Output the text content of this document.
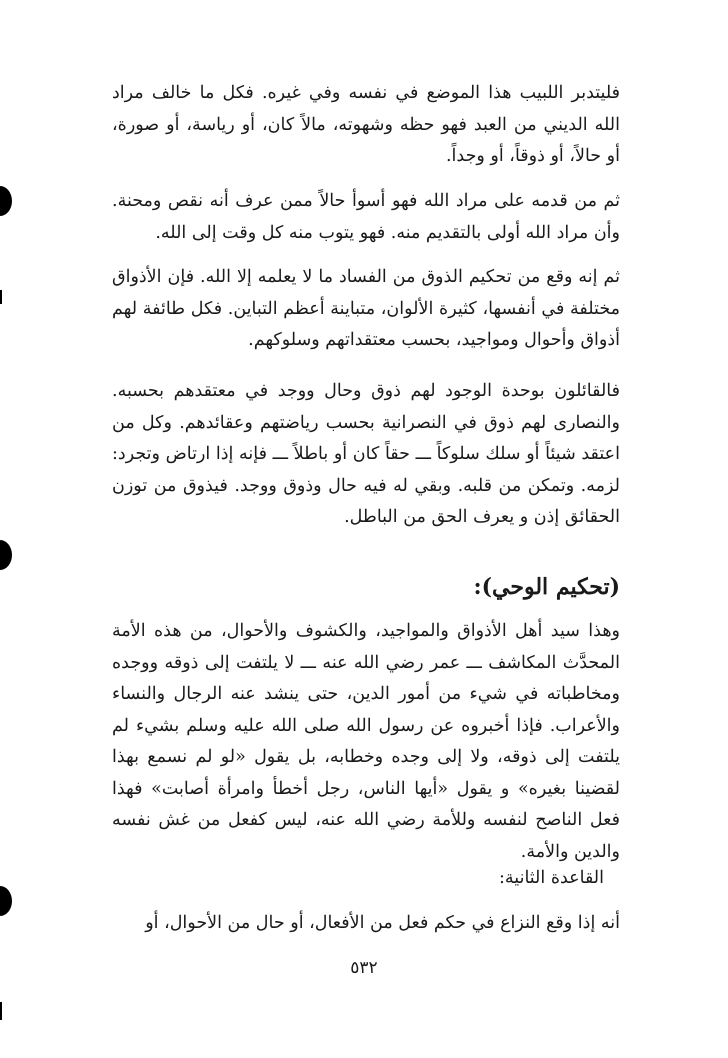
فليتدبر اللبيب هذا الموضع في نفسه وفي غيره. فكل ما خالف مراد الله الديني من العبد فهو حظه وشهوته، مالاً كان، أو رياسة، أو صورة، أو حالاً، أو ذوقاً، أو وجداً.

ثم من قدمه على مراد الله فهو أسوأ حالاً ممن عرف أنه نقص ومحنة. وأن مراد الله أولى بالتقديم منه. فهو يتوب منه كل وقت إلى الله.

ثم إنه وقع من تحكيم الذوق من الفساد ما لا يعلمه إلا الله. فإن الأذواق مختلفة في أنفسها، كثيرة الألوان، متباينة أعظم التباين. فكل طائفة لهم أذواق وأحوال ومواجيد، بحسب معتقداتهم وسلوكهم.

فالقائلون بوحدة الوجود لهم ذوق وحال ووجد في معتقدهم بحسبه. والنصارى لهم ذوق في النصرانية بحسب رياضتهم وعقائدهم. وكل من اعتقد شيئاً أو سلك سلوكاً ـــ حقاً كان أو باطلاً ـــ فإنه إذا ارتاض وتجرد: لزمه. وتمكن من قلبه. وبقي له فيه حال وذوق ووجد. فيذوق من توزن الحقائق إذن و يعرف الحق من الباطل.

(تحكيم الوحي):

وهذا سيد أهل الأذواق والمواجيد، والكشوف والأحوال، من هذه الأمة المحدَّث المكاشف ـــ عمر رضي الله عنه ـــ لا يلتفت إلى ذوقه ووجده ومخاطباته في شيء من أمور الدين، حتى ينشد عنه الرجال والنساء والأعراب. فإذا أخبروه عن رسول الله صلى الله عليه وسلم بشيء لم يلتفت إلى ذوقه، ولا إلى وجده وخطابه، بل يقول «لو لم نسمع بهذا لقضينا بغيره» و يقول «أيها الناس، رجل أخطأ وامرأة أصابت» فهذا فعل الناصح لنفسه وللأمة رضي الله عنه، ليس كفعل من غش نفسه والدين والأمة.

القاعدة الثانية:

أنه إذا وقع النزاع في حكم فعل من الأفعال، أو حال من الأحوال، أو

٥٣٢
